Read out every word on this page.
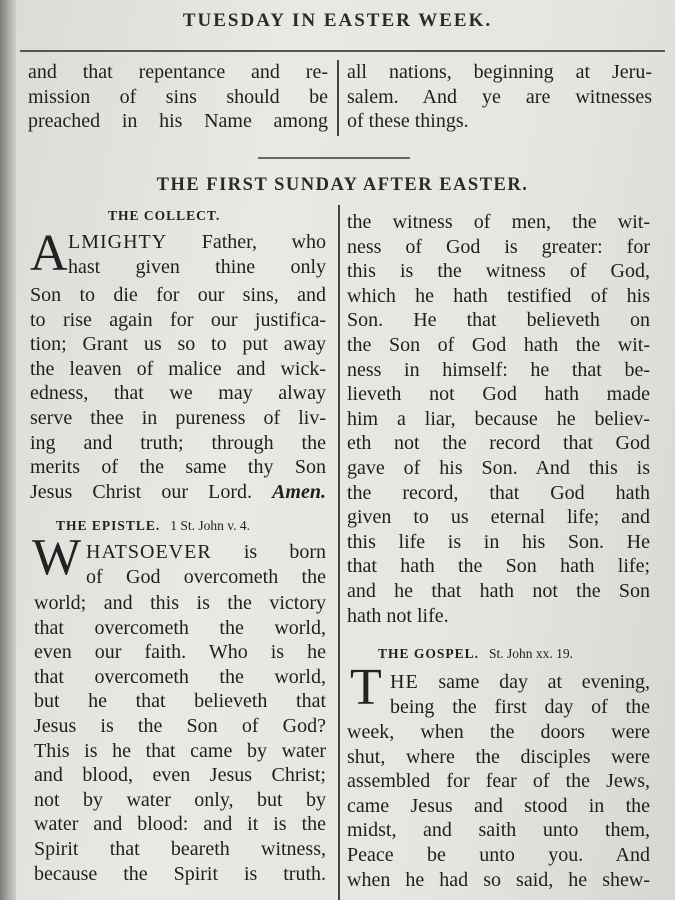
TUESDAY IN EASTER WEEK.
and that repentance and re-
mission of sins should be
preached in his Name among
all nations, beginning at Jeru-
salem. And ye are witnesses
of these things.
THE FIRST SUNDAY AFTER EASTER.
THE COLLECT.
A LMIGHTY Father, who
hast given thine only
Son to die for our sins, and
to rise again for our justifica-
tion; Grant us so to put away
the leaven of malice and wick-
edness, that we may alway
serve thee in pureness of liv-
ing and truth; through the
merits of the same thy Son
Jesus Christ our Lord. Amen.
THE EPISTLE. 1 St. John v. 4.
W HATSOEVER is born
of God overcometh the
world; and this is the victory
that overcometh the world,
even our faith. Who is he
that overcometh the world,
but he that believeth that
Jesus is the Son of God?
This is he that came by water
and blood, even Jesus Christ;
not by water only, but by
water and blood: and it is the
Spirit that beareth witness,
because the Spirit is truth.
the witness of men, the wit-
ness of God is greater: for
this is the witness of God,
which he hath testified of his
Son. He that believeth on
the Son of God hath the wit-
ness in himself: he that be-
lieveth not God hath made
him a liar, because he believ-
eth not the record that God
gave of his Son. And this is
the record, that God hath
given to us eternal life; and
this life is in his Son. He
that hath the Son hath life;
and he that hath not the Son
hath not life.
THE GOSPEL. St. John xx. 19.
T HE same day at evening,
being the first day of the
week, when the doors were
shut, where the disciples were
assembled for fear of the Jews,
came Jesus and stood in the
midst, and saith unto them,
Peace be unto you. And
when he had so said, he shew-
